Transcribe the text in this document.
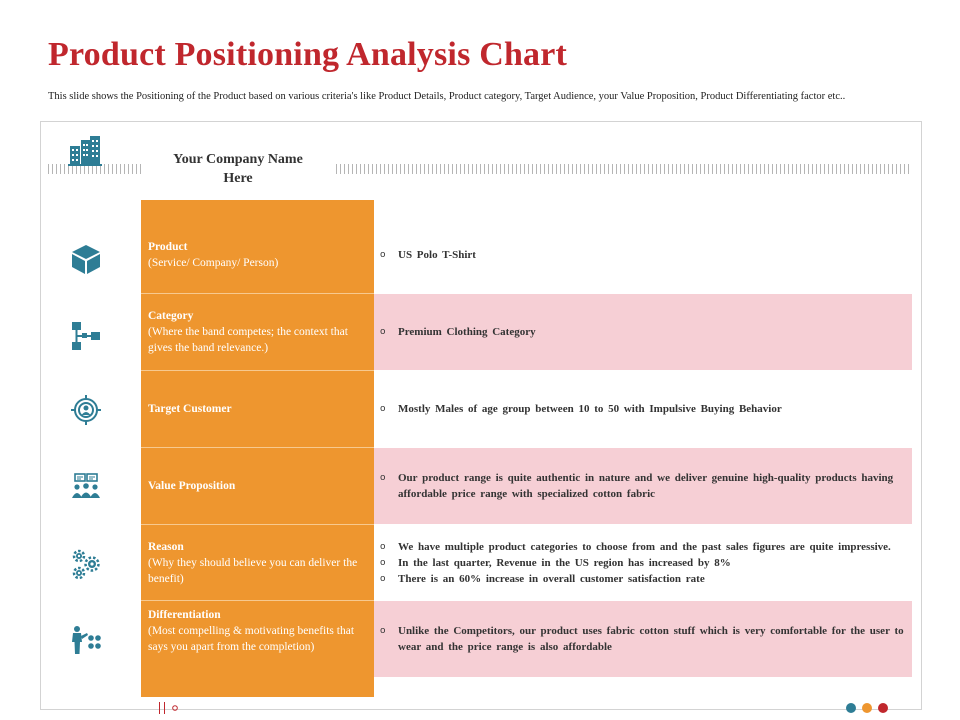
Product Positioning Analysis Chart
This slide shows the Positioning of the Product based on various criteria's like Product Details, Product category, Target Audience, your Value Proposition, Product Differentiating factor etc..
Your Company Name Here
Product
(Service/ Company/ Person)
o	US Polo T-Shirt
Category
(Where the band competes; the context that gives the band relevance.)
o	Premium Clothing Category
Target Customer	o	Mostly Males of age group between 10 to 50 with Impulsive Buying Behavior
Value Proposition
o	Our product range is quite authentic in nature and we deliver genuine high-quality products having affordable price range with specialized cotton fabric
Reason
(Why they should believe you can deliver the benefit)
o	We have multiple product categories to choose from and the past sales figures are quite impressive.
o	In the last quarter, Revenue in the US region has increased by 8%
o	There is an 60% increase in overall customer satisfaction rate
Differentiation
(Most compelling & motivating benefits that says you apart from the completion)
o	Unlike the Competitors, our product uses fabric cotton stuff which is very comfortable for the user to wear and the price range is also affordable
